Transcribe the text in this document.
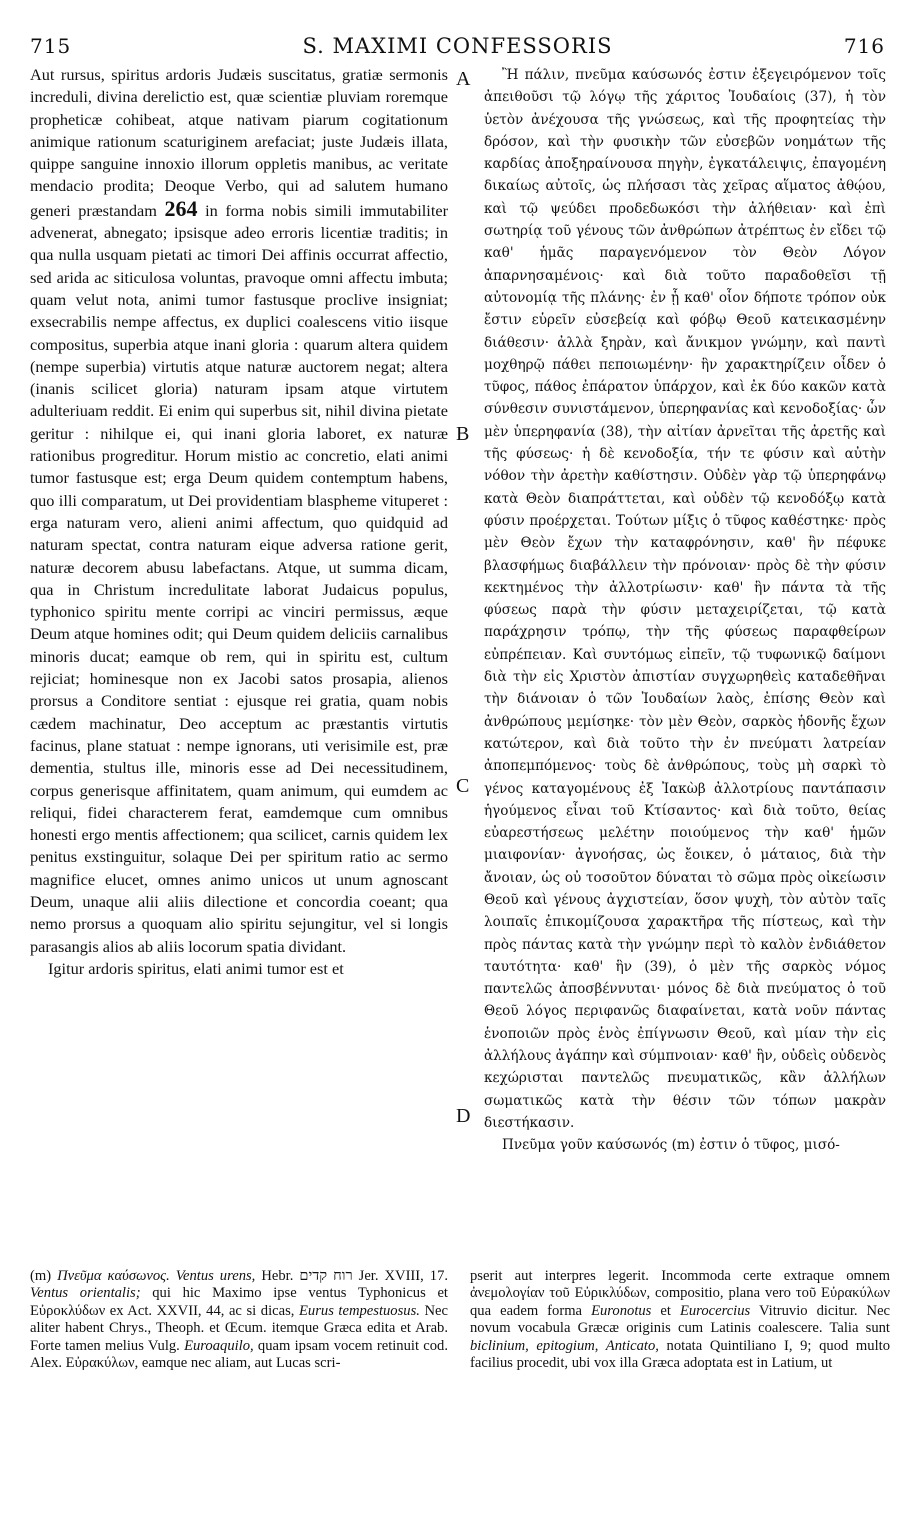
715	S. MAXIMI CONFESSORIS	716

Aut rursus, spiritus ardoris Judæis suscitatus, gratiæ sermonis increduli, divina derelictio est, quæ scientiæ pluviam roremque propheticæ cohibeat, atque nativam piarum cogitationum animique rationum scaturiginem arefaciat; juste Judæis illata, quippe sanguine innoxio illorum oppletis manibus, ac veritate mendacio prodita; Deoque Verbo, qui ad salutem humano generi præstandam 264 in forma nobis simili immutabiliter advenerat, abnegato; ipsisque adeo erroris licentiæ traditis; in qua nulla usquam pietati ac timori Dei affinis occurrat affectio, sed arida ac siticulosa voluntas, pravoque omni affectu imbuta; quam velut nota, animi tumor fastusque proclive insigniat; exsecrabilis nempe affectus, ex duplici coalescens vitio iisque compositus, superbia atque inani gloria : quarum altera quidem (nempe superbia) virtutis atque naturæ auctorem negat; altera (inanis scilicet gloria) naturam ipsam atque virtutem adulteriuam reddit. Ei enim qui superbus sit, nihil divina pietate geritur : nihilque ei, qui inani gloria laboret, ex naturæ rationibus progreditur. Horum mistio ac concretio, elati animi tumor fastusque est; erga Deum quidem contemptum habens, quo illi comparatum, ut Dei providentiam blaspheme vituperet : erga naturam vero, alieni animi affectum, quo quidquid ad naturam spectat, contra naturam eique adversa ratione gerit, naturæ decorem abusu labefactans. Atque, ut summa dicam, qua in Christum incredulitate laborat Judaicus populus, typhonico spiritu mente corripi ac vinciri permissus, æque Deum atque homines odit; qui Deum quidem deliciis carnalibus minoris ducat; eamque ob rem, qui in spiritu est, cultum rejiciat; hominesque non ex Jacobi satos prosapia, alienos prorsus a Conditore sentiat : ejusque rei gratia, quam nobis cædem machinatur, Deo acceptum ac præstantis virtutis facinus, plane statuat : nempe ignorans, uti verisimile est, præ dementia, stultus ille, minoris esse ad Dei necessitudinem, corpus generisque affinitatem, quam animum, qui eumdem ac reliqui, fidei characterem ferat, eamdemque cum omnibus honesti ergo mentis affectionem; qua scilicet, carnis quidem lex penitus exstinguitur, solaque Dei per spiritum ratio ac sermo magnifice elucet, omnes animo unicos ut unum agnoscant Deum, unaque alii aliis dilectione et concordia coeant; qua nemo prorsus a quoquam alio spiritu sejungitur, vel si longis parasangis alios ab aliis locorum spatia dividant.

Igitur ardoris spiritus, elati animi tumor est et

A
B
C
D

Ἢ πάλιν, πνεῦμα καύσωνός ἐστιν ἐξεγειρόμενον τοῖς ἀπειθοῦσι τῷ λόγῳ τῆς χάριτος Ἰουδαίοις (37), ἡ τὸν ὑετὸν ἀνέχουσα τῆς γνώσεως, καὶ τῆς προφητείας τὴν δρόσον, καὶ τὴν φυσικὴν τῶν εὐσεβῶν νοημάτων τῆς καρδίας ἀποξηραίνουσα πηγὴν, ἐγκατάλειψις, ἐπαγομένη δικαίως αὐτοῖς, ὡς πλήσασι τὰς χεῖρας αἵματος ἀθῴου, καὶ τῷ ψεύδει προδεδωκόσι τὴν ἀλήθειαν· καὶ ἐπὶ σωτηρίᾳ τοῦ γένους τῶν ἀνθρώπων ἀτρέπτως ἐν εἴδει τῷ καθ' ἡμᾶς παραγενόμενον τὸν Θεὸν Λόγον ἀπαρνησαμένοις· καὶ διὰ τοῦτο παραδοθεῖσι τῇ αὐτονομίᾳ τῆς πλάνης· ἐν ᾗ καθ' οἷον δήποτε τρόπον οὐκ ἔστιν εὑρεῖν εὐσεβείᾳ καὶ φόβῳ Θεοῦ κατεικασμένην διάθεσιν· ἀλλὰ ξηρὰν, καὶ ἄνικμον γνώμην, καὶ παντὶ μοχθηρῷ πάθει πεποιωμένην· ἣν χαρακτηρίζειν οἶδεν ὁ τῦφος, πάθος ἐπάρατον ὑπάρχον, καὶ ἐκ δύο κακῶν κατὰ σύνθεσιν συνιστάμενον, ὑπερηφανίας καὶ κενοδοξίας· ὧν μὲν ὑπερηφανία (38), τὴν αἰτίαν ἀρνεῖται τῆς ἀρετῆς καὶ τῆς φύσεως· ἡ δὲ κενοδοξία, τήν τε φύσιν καὶ αὐτὴν νόθον τὴν ἀρετὴν καθίστησιν. Οὐδὲν γὰρ τῷ ὑπερηφάνῳ κατὰ Θεὸν διαπράττεται, καὶ οὐδὲν τῷ κενοδόξῳ κατὰ φύσιν προέρχεται. Τούτων μίξις ὁ τῦφος καθέστηκε· πρὸς μὲν Θεὸν ἔχων τὴν καταφρόνησιν, καθ' ἣν πέφυκε βλασφήμως διαβάλλειν τὴν πρόνοιαν· πρὸς δὲ τὴν φύσιν κεκτημένος τὴν ἀλλοτρίωσιν· καθ' ἣν πάντα τὰ τῆς φύσεως παρὰ τὴν φύσιν μεταχειρίζεται, τῷ κατὰ παράχρησιν τρόπῳ, τὴν τῆς φύσεως παραφθείρων εὐπρέπειαν. Καὶ συντόμως εἰπεῖν, τῷ τυφωνικῷ δαίμονι διὰ τὴν εἰς Χριστὸν ἀπιστίαν συγχωρηθεὶς καταδεθῆναι τὴν διάνοιαν ὁ τῶν Ἰουδαίων λαὸς, ἐπίσης Θεὸν καὶ ἀνθρώπους μεμίσηκε· τὸν μὲν Θεὸν, σαρκὸς ἡδονῆς ἔχων κατώτερον, καὶ διὰ τοῦτο τὴν ἐν πνεύματι λατρείαν ἀποπεμπόμενος· τοὺς δὲ ἀνθρώπους, τοὺς μὴ σαρκὶ τὸ γένος καταγομένους ἐξ Ἰακὼβ ἀλλοτρίους παντάπασιν ἡγούμενος εἶναι τοῦ Κτίσαντος· καὶ διὰ τοῦτο, θείας εὐαρεστήσεως μελέτην ποιούμενος τὴν καθ' ἡμῶν μιαιφονίαν· ἀγνοήσας, ὡς ἔοικεν, ὁ μάταιος, διὰ τὴν ἄνοιαν, ὡς οὐ τοσοῦτον δύναται τὸ σῶμα πρὸς οἰκείωσιν Θεοῦ καὶ γένους ἀγχιστείαν, ὅσον ψυχὴ, τὸν αὐτὸν ταῖς λοιπαῖς ἐπικομίζουσα χαρακτῆρα τῆς πίστεως, καὶ τὴν πρὸς πάντας κατὰ τὴν γνώμην περὶ τὸ καλὸν ἐνδιάθετον ταυτότητα· καθ' ἣν (39), ὁ μὲν τῆς σαρκὸς νόμος παντελῶς ἀποσβέννυται· μόνος δὲ διὰ πνεύματος ὁ τοῦ Θεοῦ λόγος περιφανῶς διαφαίνεται, κατὰ νοῦν πάντας ἑνοποιῶν πρὸς ἑνὸς ἐπίγνωσιν Θεοῦ, καὶ μίαν τὴν εἰς ἀλλήλους ἀγάπην καὶ σύμπνοιαν· καθ' ἣν, οὐδεὶς οὐδενὸς κεχώρισται παντελῶς πνευματικῶς, κἂν ἀλλήλων σωματικῶς κατὰ τὴν θέσιν τῶν τόπων μακρὰν διεστήκασιν.

Πνεῦμα γοῦν καύσωνός (m) ἐστιν ὁ τῦφος, μισό-

(m) Πνεῦμα καύσωνος. Ventus urens, Hebr. רוח קדים Jer. XVIII, 17. Ventus orientalis; qui hic Maximo ipse ventus Typhonicus et Εὐροκλύδων ex Act. XXVII, 44, ac si dicas, Eurus tempestuosus. Nec aliter habent Chrys., Theoph. et Œcum. itemque Græca edita et Arab. Forte tamen melius Vulg. Euroaquilo, quam ipsam vocem retinuit cod. Alex. Εὐρακύλων, eamque nec aliam, aut Lucas scri-

pserit aut interpres legerit. Incommoda certe extraque omnem ἀνεμολογίαν τοῦ Εὐρικλύδων, compositio, plana vero τοῦ Εὐρακύλων qua eadem forma Euronotus et Eurocercius Vitruvio dicitur. Nec novum vocabula Græcæ originis cum Latinis coalescere. Talia sunt biclinium, epitogium, Anticato, notata Quintiliano I, 9; quod multo facilius procedit, ubi vox illa Græca adoptata est in Latium, ut
